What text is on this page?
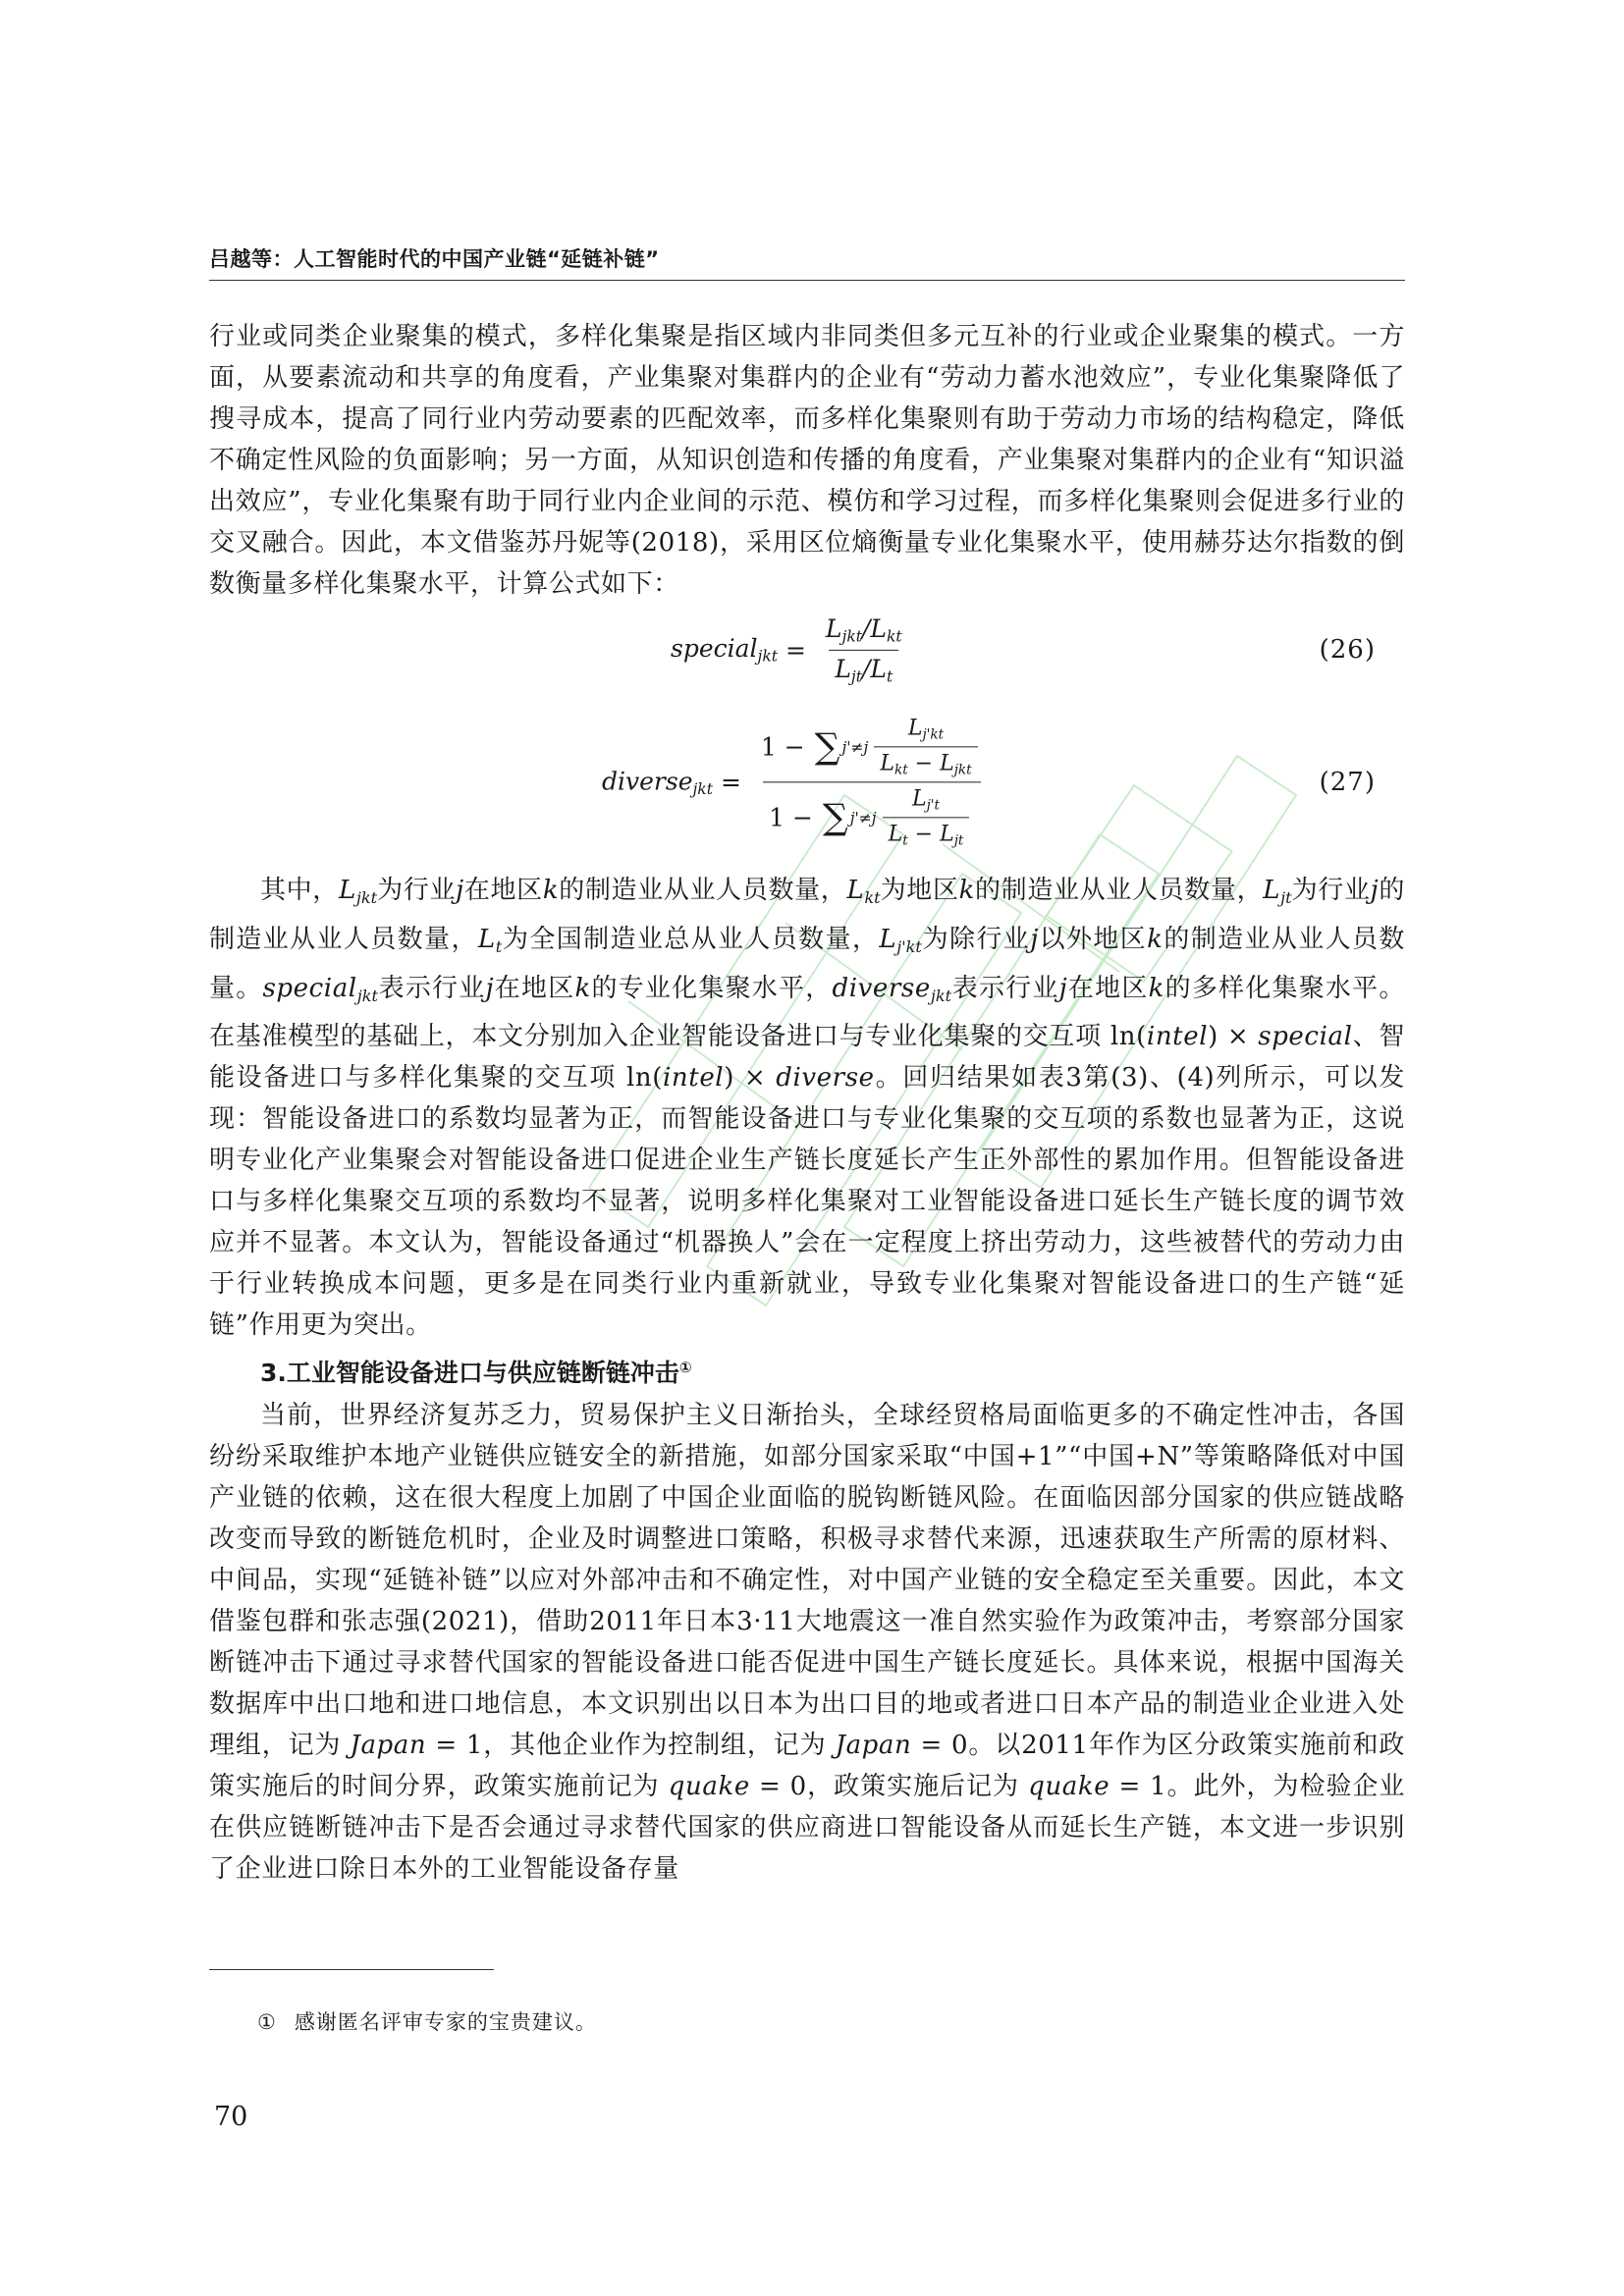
吕越等：人工智能时代的中国产业链“延链补链”

行业或同类企业聚集的模式，多样化集聚是指区域内非同类但多元互补的行业或企业聚集的模式。一方面，从要素流动和共享的角度看，产业集聚对集群内的企业有“劳动力蓄水池效应”，专业化集聚降低了搜寻成本，提高了同行业内劳动要素的匹配效率，而多样化集聚则有助于劳动力市场的结构稳定，降低不确定性风险的负面影响；另一方面，从知识创造和传播的角度看，产业集聚对集群内的企业有“知识溢出效应”，专业化集聚有助于同行业内企业间的示范、模仿和学习过程，而多样化集聚则会促进多行业的交叉融合。因此，本文借鉴苏丹妮等(2018)，采用区位熵衡量专业化集聚水平，使用赫芬达尔指数的倒数衡量多样化集聚水平，计算公式如下：

special$_{jkt}$ = $\frac{L_{jkt}/L_{kt}}{L_{jt}/L_t}$	(26)
diverse$_{jkt}$ =
1 − ∑ $j'\ne j \frac{L_{j'kt}}{L_{kt} - L_{jkt}}$
1 − ∑ $j'\ne j \frac{L_{j't}}{L_t - L_{jt}}$
(27)

其中，$L_{jkt}$为行业j在地区k的制造业从业人员数量，$L_{kt}$为地区k的制造业从业人员数量，$L_{jt}$为行业j的制造业从业人员数量，$L_t$为全国制造业总从业人员数量，$L_{j'kt}$为除行业j以外地区k的制造业从业人员数量。special$_{jkt}$表示行业j在地区k的专业化集聚水平，diverse$_{jkt}$表示行业j在地区k的多样化集聚水平。在基准模型的基础上，本文分别加入企业智能设备进口与专业化集聚的交互项 ln(intel) × special、智能设备进口与多样化集聚的交互项 ln(intel) × diverse。回归结果如表3第(3)、(4)列所示，可以发现：智能设备进口的系数均显著为正，而智能设备进口与专业化集聚的交互项的系数也显著为正，这说明专业化产业集聚会对智能设备进口促进企业生产链长度延长产生正外部性的累加作用。但智能设备进口与多样化集聚交互项的系数均不显著，说明多样化集聚对工业智能设备进口延长生产链长度的调节效应并不显著。本文认为，智能设备通过“机器换人”会在一定程度上挤出劳动力，这些被替代的劳动力由于行业转换成本问题，更多是在同类行业内重新就业，导致专业化集聚对智能设备进口的生产链“延链”作用更为突出。

3.工业智能设备进口与供应链断链冲击①

当前，世界经济复苏乏力，贸易保护主义日渐抬头，全球经贸格局面临更多的不确定性冲击，各国纷纷采取维护本地产业链供应链安全的新措施，如部分国家采取“中国+1”“中国+N”等策略降低对中国产业链的依赖，这在很大程度上加剧了中国企业面临的脱钩断链风险。在面临因部分国家的供应链战略改变而导致的断链危机时，企业及时调整进口策略，积极寻求替代来源，迅速获取生产所需的原材料、中间品，实现“延链补链”以应对外部冲击和不确定性，对中国产业链的安全稳定至关重要。因此，本文借鉴包群和张志强(2021)，借助2011年日本3·11大地震这一准自然实验作为政策冲击，考察部分国家断链冲击下通过寻求替代国家的智能设备进口能否促进中国生产链长度延长。具体来说，根据中国海关数据库中出口地和进口地信息，本文识别出以日本为出口目的地或者进口日本产品的制造业企业进入处理组，记为 Japan = 1，其他企业作为控制组，记为 Japan = 0。以2011年作为区分政策实施前和政策实施后的时间分界，政策实施前记为 quake = 0，政策实施后记为 quake = 1。此外，为检验企业在供应链断链冲击下是否会通过寻求替代国家的供应商进口智能设备从而延长生产链，本文进一步识别了企业进口除日本外的工业智能设备存量

① 感谢匿名评审专家的宝贵建议。
70
